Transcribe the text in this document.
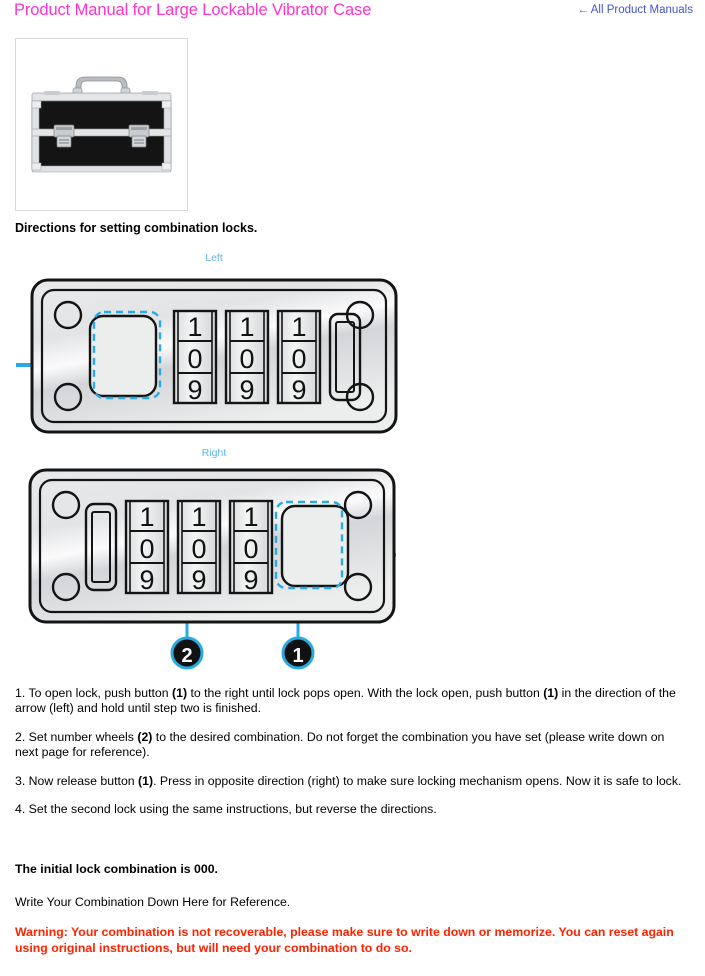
Product Manual for Large Lockable Vibrator Case	← All Product Manuals
Directions for setting combination locks.
Left
1
0
9
1
0
9
1
0
9
Right
1
0
9
1
0
9
1
0
9
2	1

1. To open lock, push button (1) to the right until lock pops open. With the lock open, push button (1) in the direction of the arrow (left) and hold until step two is finished.

2. Set number wheels (2) to the desired combination. Do not forget the combination you have set (please write down on next page for reference).

3. Now release button (1). Press in opposite direction (right) to make sure locking mechanism opens. Now it is safe to lock.

4. Set the second lock using the same instructions, but reverse the directions.

The initial lock combination is 000.
Write Your Combination Down Here for Reference.
Warning: Your combination is not recoverable, please make sure to write down or memorize. You can reset again using original instructions, but will need your combination to do so.
